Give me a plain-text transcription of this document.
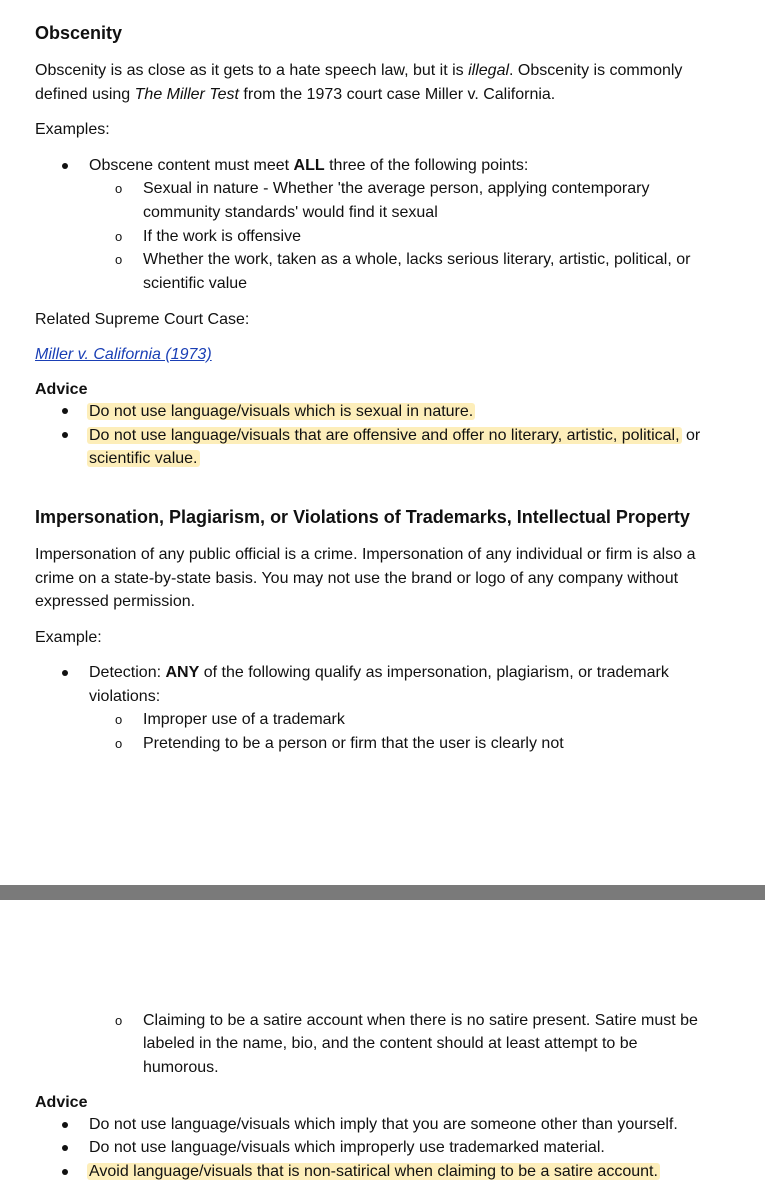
Obscenity
Obscenity is as close as it gets to a hate speech law, but it is illegal. Obscenity is commonly
defined using The Miller Test from the 1973 court case Miller v. California.
Examples:
Obscene content must meet ALL three of the following points:
o Sexual in nature - Whether 'the average person, applying contemporary
community standards' would find it sexual
o If the work is offensive
o Whether the work, taken as a whole, lacks serious literary, artistic, political, or
scientific value
Related Supreme Court Case:
Miller v. California (1973)
Advice
Do not use language/visuals which is sexual in nature.
Do not use language/visuals that are offensive and offer no literary, artistic, political, or
scientific value.
Impersonation, Plagiarism, or Violations of Trademarks, Intellectual Property
Impersonation of any public official is a crime. Impersonation of any individual or firm is also a
crime on a state-by-state basis. You may not use the brand or logo of any company without
expressed permission.
Example:
Detection: ANY of the following qualify as impersonation, plagiarism, or trademark
violations:
o Improper use of a trademark
o Pretending to be a person or firm that the user is clearly not
o Claiming to be a satire account when there is no satire present. Satire must be
labeled in the name, bio, and the content should at least attempt to be
humorous.
Advice
Do not use language/visuals which imply that you are someone other than yourself.
Do not use language/visuals which improperly use trademarked material.
Avoid language/visuals that is non-satirical when claiming to be a satire account.
